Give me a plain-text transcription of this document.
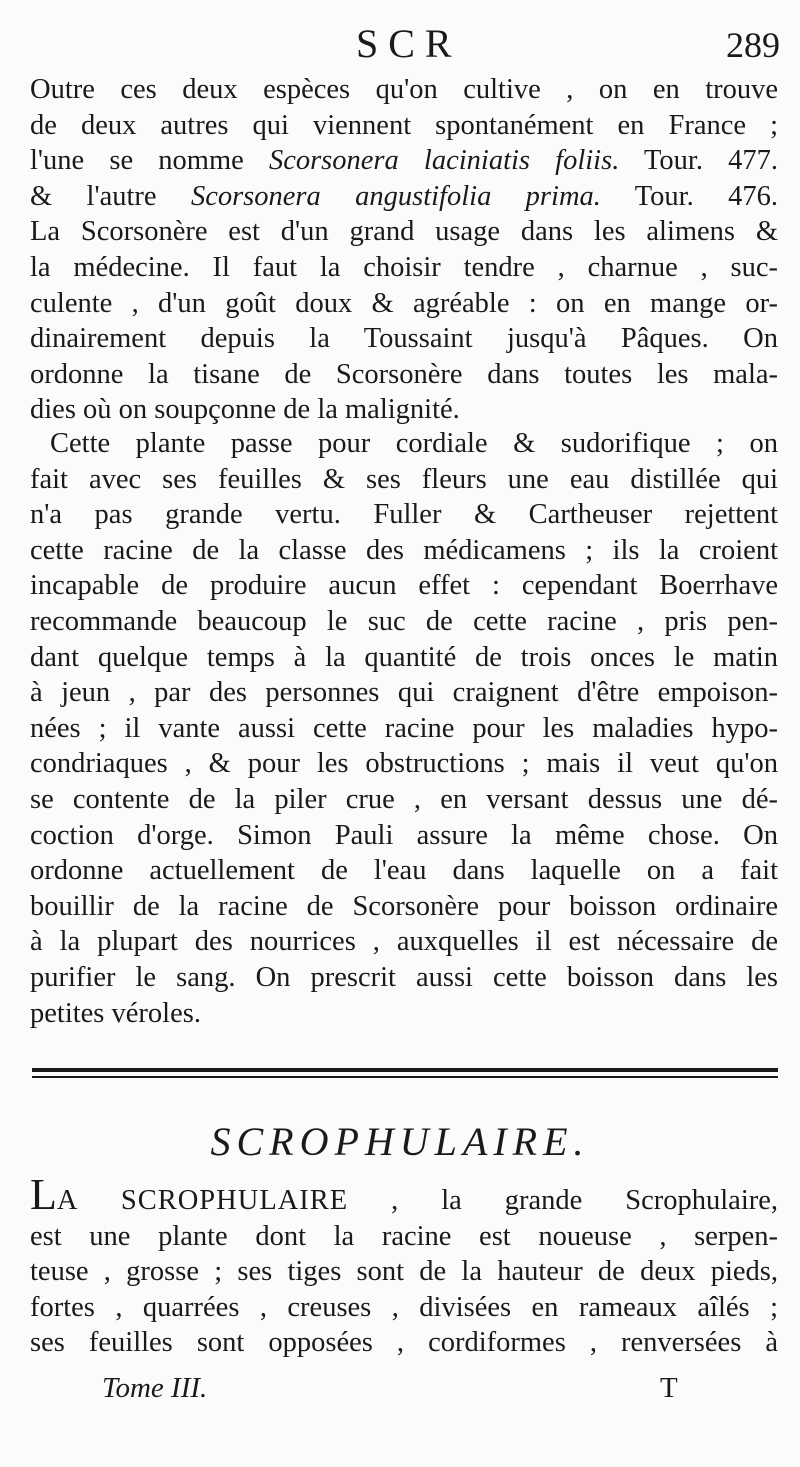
SCR	289
Outre ces deux espèces qu'on cultive , on en trouve
de deux autres qui viennent spontanément en France ;
l'une se nomme Scorsonera laciniatis foliis. Tour. 477.
& l'autre Scorsonera angustifolia prima. Tour. 476.
La Scorsonère est d'un grand usage dans les alimens &
la médecine. Il faut la choisir tendre , charnue , suc-
culente , d'un goût doux & agréable : on en mange or-
dinairement depuis la Toussaint jusqu'à Pâques. On
ordonne la tisane de Scorsonère dans toutes les mala-
dies où on soupçonne de la malignité.
Cette plante passe pour cordiale & sudorifique ; on
fait avec ses feuilles & ses fleurs une eau distillée qui
n'a pas grande vertu. Fuller & Cartheuser rejettent
cette racine de la classe des médicamens ; ils la croient
incapable de produire aucun effet : cependant Boerrhave
recommande beaucoup le suc de cette racine , pris pen-
dant quelque temps à la quantité de trois onces le matin
à jeun , par des personnes qui craignent d'être empoison-
nées ; il vante aussi cette racine pour les maladies hypo-
condriaques , & pour les obstructions ; mais il veut qu'on
se contente de la piler crue , en versant dessus une dé-
coction d'orge. Simon Pauli assure la même chose. On
ordonne actuellement de l'eau dans laquelle on a fait
bouillir de la racine de Scorsonère pour boisson ordinaire
à la plupart des nourrices , auxquelles il est nécessaire de
purifier le sang. On prescrit aussi cette boisson dans les
petites véroles.
SCROPHULAIRE.
LA SCROPHULAIRE , la grande Scrophulaire,
est une plante dont la racine est noueuse , serpen-
teuse , grosse ; ses tiges sont de la hauteur de deux pieds,
fortes , quarrées , creuses , divisées en rameaux aîlés ;
ses feuilles sont opposées , cordiformes , renversées à
Tome III.	T
